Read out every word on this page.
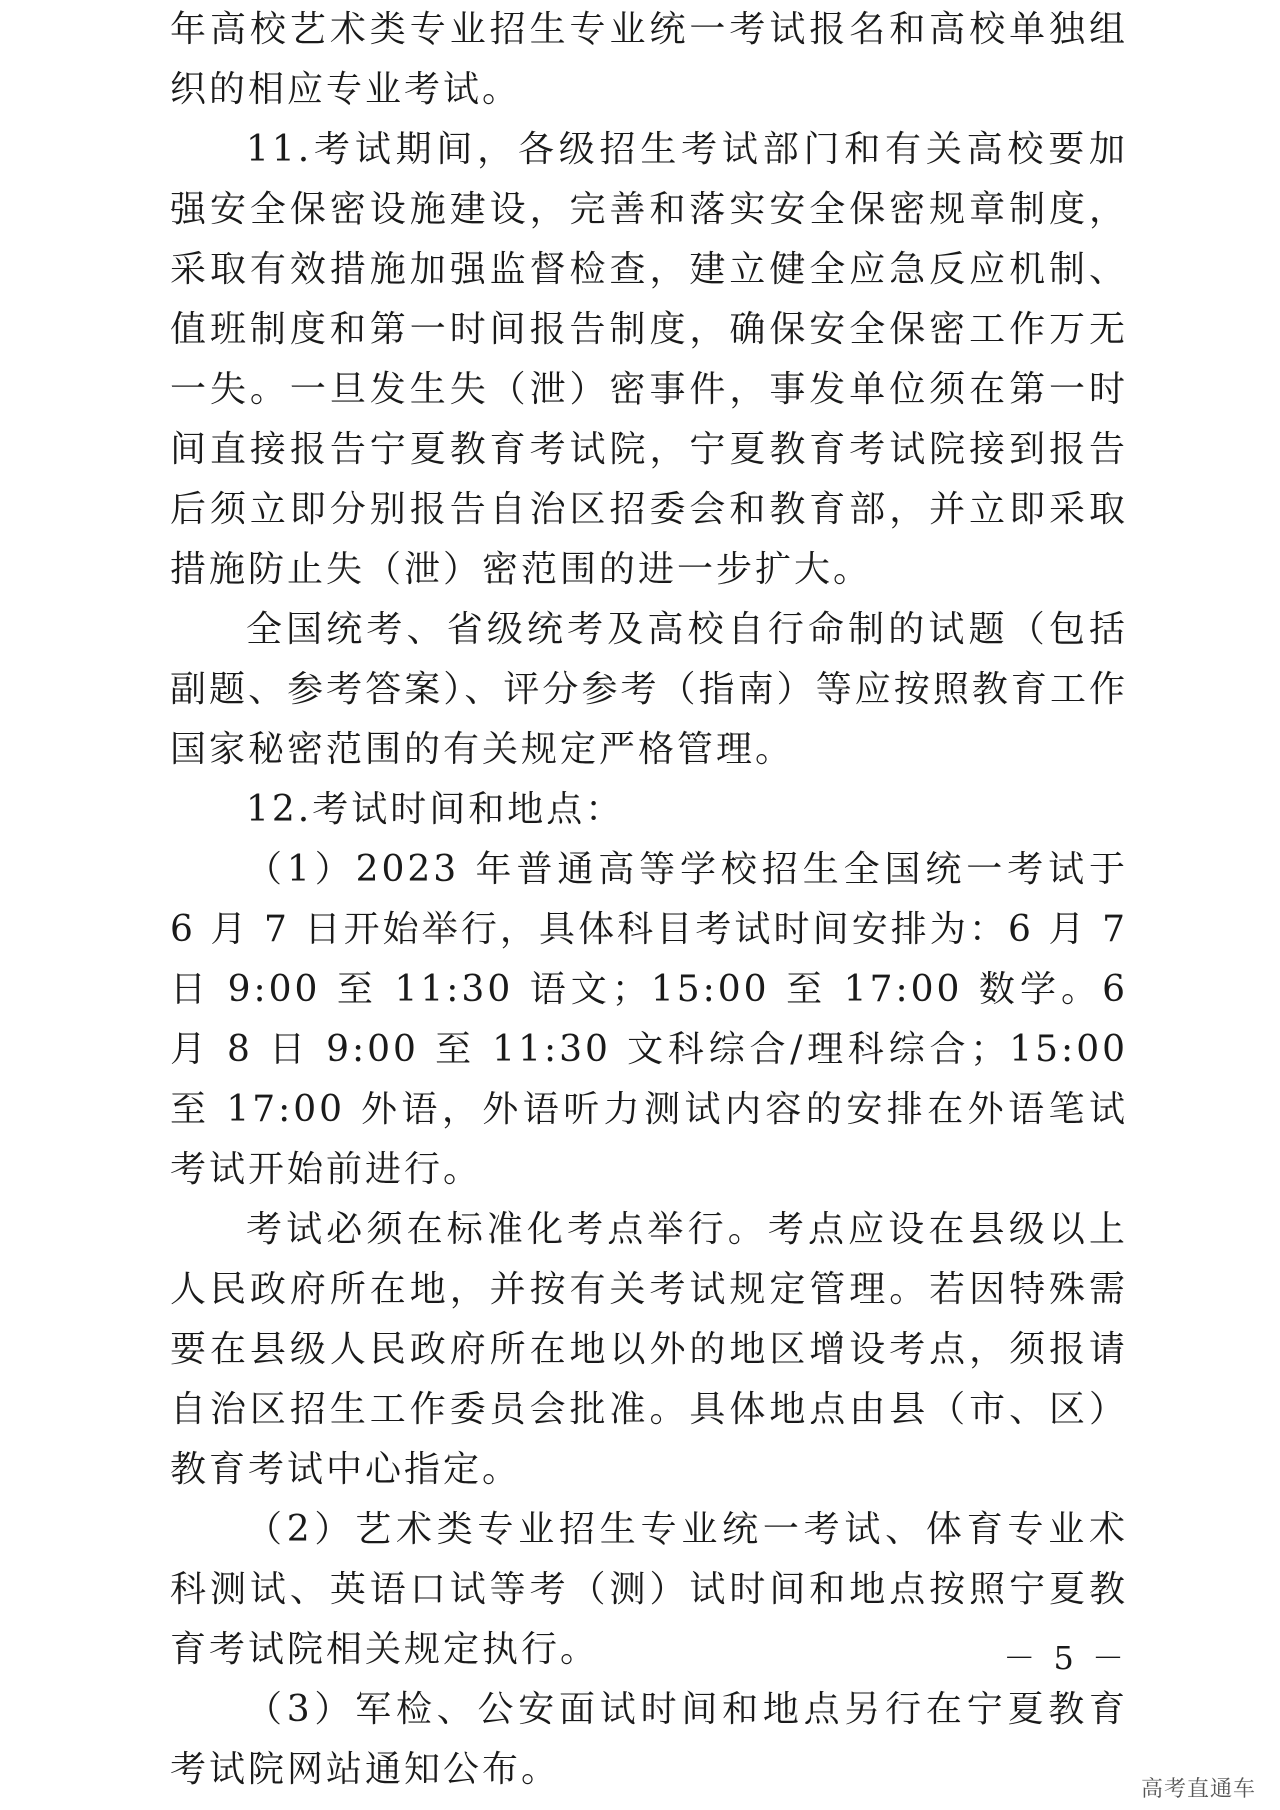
年高校艺术类专业招生专业统一考试报名和高校单独组织的相应专业考试。

11.考试期间，各级招生考试部门和有关高校要加强安全保密设施建设，完善和落实安全保密规章制度，采取有效措施加强监督检查，建立健全应急反应机制、值班制度和第一时间报告制度，确保安全保密工作万无一失。一旦发生失（泄）密事件，事发单位须在第一时间直接报告宁夏教育考试院，宁夏教育考试院接到报告后须立即分别报告自治区招委会和教育部，并立即采取措施防止失（泄）密范围的进一步扩大。

全国统考、省级统考及高校自行命制的试题（包括副题、参考答案）、评分参考（指南）等应按照教育工作国家秘密范围的有关规定严格管理。

12.考试时间和地点：

（1）2023 年普通高等学校招生全国统一考试于 6 月 7 日开始举行，具体科目考试时间安排为：6 月 7 日 9:00 至 11:30 语文；15:00 至 17:00 数学。6 月 8 日 9:00 至 11:30 文科综合/理科综合；15:00 至 17:00 外语，外语听力测试内容的安排在外语笔试考试开始前进行。

考试必须在标准化考点举行。考点应设在县级以上人民政府所在地，并按有关考试规定管理。若因特殊需要在县级人民政府所在地以外的地区增设考点，须报请自治区招生工作委员会批准。具体地点由县（市、区）教育考试中心指定。

（2）艺术类专业招生专业统一考试、体育专业术科测试、英语口试等考（测）试时间和地点按照宁夏教育考试院相关规定执行。

（3）军检、公安面试时间和地点另行在宁夏教育考试院网站通知公布。

－ 5 －
高考直通车
